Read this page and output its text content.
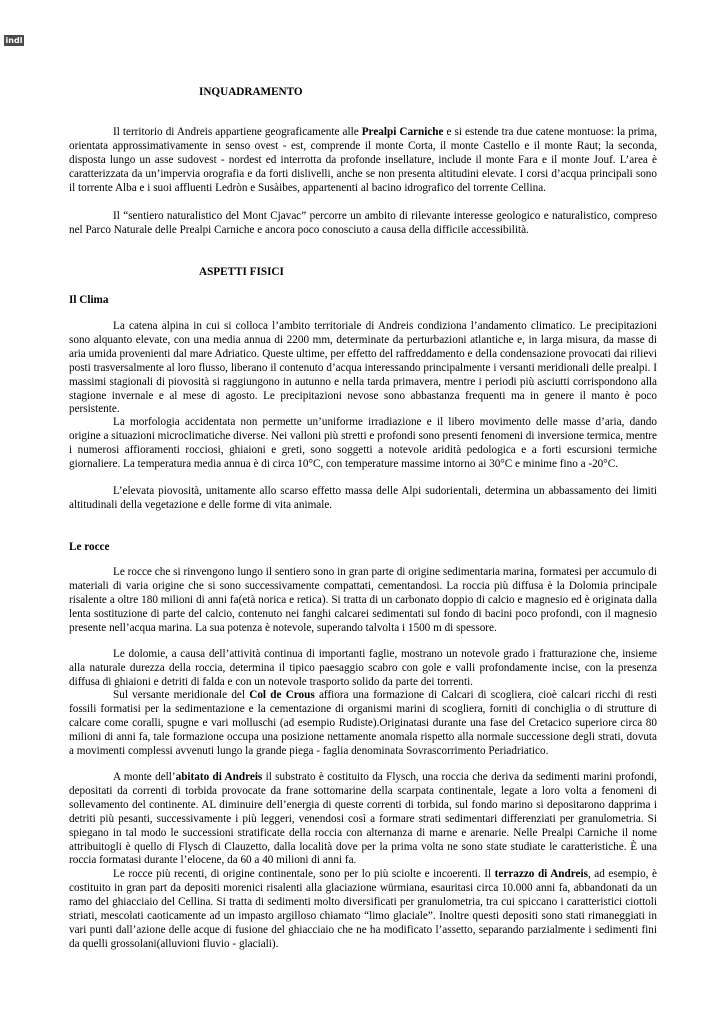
indl
INQUADRAMENTO

Il territorio di Andreis appartiene geograficamente alle Prealpi Carniche e si estende tra due catene montuose: la prima, orientata approssimativamente in senso ovest - est, comprende il monte Corta, il monte Castello e il monte Raut; la seconda, disposta lungo un asse sudovest - nordest ed interrotta da profonde insellature, include il monte Fara e il monte Jouf. L’area è caratterizzata da un’impervia orografia e da forti dislivelli, anche se non presenta altitudini elevate. I corsi d’acqua principali sono il torrente Alba e i suoi affluenti Ledròn e Susàibes, appartenenti al bacino idrografico del torrente Cellina.

Il “sentiero naturalistico del Mont Cjavac” percorre un ambito di rilevante interesse geologico e naturalistico, compreso nel Parco Naturale delle Prealpi Carniche e ancora poco conosciuto a causa della difficile accessibilità.

ASPETTI FISICI
Il Clima

La catena alpina in cui si colloca l’ambito territoriale di Andreis condiziona l’andamento climatico. Le precipitazioni sono alquanto elevate, con una media annua di 2200 mm, determinate da perturbazioni atlantiche e, in larga misura, da masse di aria umida provenienti dal mare Adriatico. Queste ultime, per effetto del raffreddamento e della condensazione provocati dai rilievi posti trasversalmente al loro flusso, liberano il contenuto d’acqua interessando principalmente i versanti meridionali delle prealpi. I massimi stagionali di piovosità si raggiungono in autunno e nella tarda primavera, mentre i periodi più asciutti corrispondono alla stagione invernale e al mese di agosto. Le precipitazioni nevose sono abbastanza frequenti ma in genere il manto è poco persistente.

La morfologia accidentata non permette un’uniforme irradiazione e il libero movimento delle masse d’aria, dando origine a situazioni microclimatiche diverse. Nei valloni più stretti e profondi sono presenti fenomeni di inversione termica, mentre i numerosi affioramenti rocciosi, ghiaioni e greti, sono soggetti a notevole aridità pedologica e a forti escursioni termiche giornaliere. La temperatura media annua è di circa 10°C, con temperature massime intorno ai 30°C e minime fino a -20°C.

L’elevata piovosità, unitamente allo scarso effetto massa delle Alpi sudorientali, determina un abbassamento dei limiti altitudinali della vegetazione e delle forme di vita animale.

Le rocce

Le rocce che si rinvengono lungo il sentiero sono in gran parte di origine sedimentaria marina, formatesi per accumulo di materiali di varia origine che si sono successivamente compattati, cementandosi. La roccia più diffusa è la Dolomia principale risalente a oltre 180 milioni di anni fa(età norica e retica). Si tratta di un carbonato doppio di calcio e magnesio ed è originata dalla lenta sostituzione di parte del calcio, contenuto nei fanghi calcarei sedimentati sul fondo di bacini poco profondi, con il magnesio presente nell’acqua marina. La sua potenza è notevole, superando talvolta i 1500 m di spessore.

Le dolomie, a causa dell’attività continua di importanti faglie, mostrano un notevole grado i fratturazione che, insieme alla naturale durezza della roccia, determina il tipico paesaggio scabro con gole e valli profondamente incise, con la presenza diffusa di ghiaioni e detriti di falda e con un notevole trasporto solido da parte dei torrenti.

Sul versante meridionale del Col de Crous affiora una formazione di Calcari di scogliera, cioè calcari ricchi di resti fossili formatisi per la sedimentazione e la cementazione di organismi marini di scogliera, forniti di conchiglia o di strutture di calcare come coralli, spugne e vari molluschi (ad esempio Rudiste).Originatasi durante una fase del Cretacico superiore circa 80 milioni di anni fa, tale formazione occupa una posizione nettamente anomala rispetto alla normale successione degli strati, dovuta a movimenti complessi avvenuti lungo la grande piega - faglia denominata Sovrascorrimento Periadriatico.

A monte dell’abitato di Andreis il substrato è costituito da Flysch, una roccia che deriva da sedimenti marini profondi, depositati da correnti di torbida provocate da frane sottomarine della scarpata continentale, legate a loro volta a fenomeni di sollevamento del continente. AL diminuire dell’energia di queste correnti di torbida, sul fondo marino si depositarono dapprima i detriti più pesanti, successivamente i più leggeri, venendosi così a formare strati sedimentari differenziati per granulometria. Si spiegano in tal modo le successioni stratificate della roccia con alternanza di marne e arenarie. Nelle Prealpi Carniche il nome attribuitogli è quello di Flysch di Clauzetto, dalla località dove per la prima volta ne sono state studiate le caratteristiche. È una roccia formatasi durante l’elocene, da 60 a 40 milioni di anni fa.

Le rocce più recenti, di origine continentale, sono per lo più sciolte e incoerenti. Il terrazzo di Andreis, ad esempio, è costituito in gran part da depositi morenici risalenti alla glaciazione würmiana, esauritasi circa 10.000 anni fa, abbandonati da un ramo del ghiacciaio del Cellina. Si tratta di sedimenti molto diversificati per granulometria, tra cui spiccano i caratteristici ciottoli striati, mescolati caoticamente ad un impasto argilloso chiamato “limo glaciale”. Inoltre questi depositi sono stati rimaneggiati in vari punti dall’azione delle acque di fusione del ghiacciaio che ne ha modificato l’assetto, separando parzialmente i sedimenti fini da quelli grossolani(alluvioni fluvio - glaciali).
